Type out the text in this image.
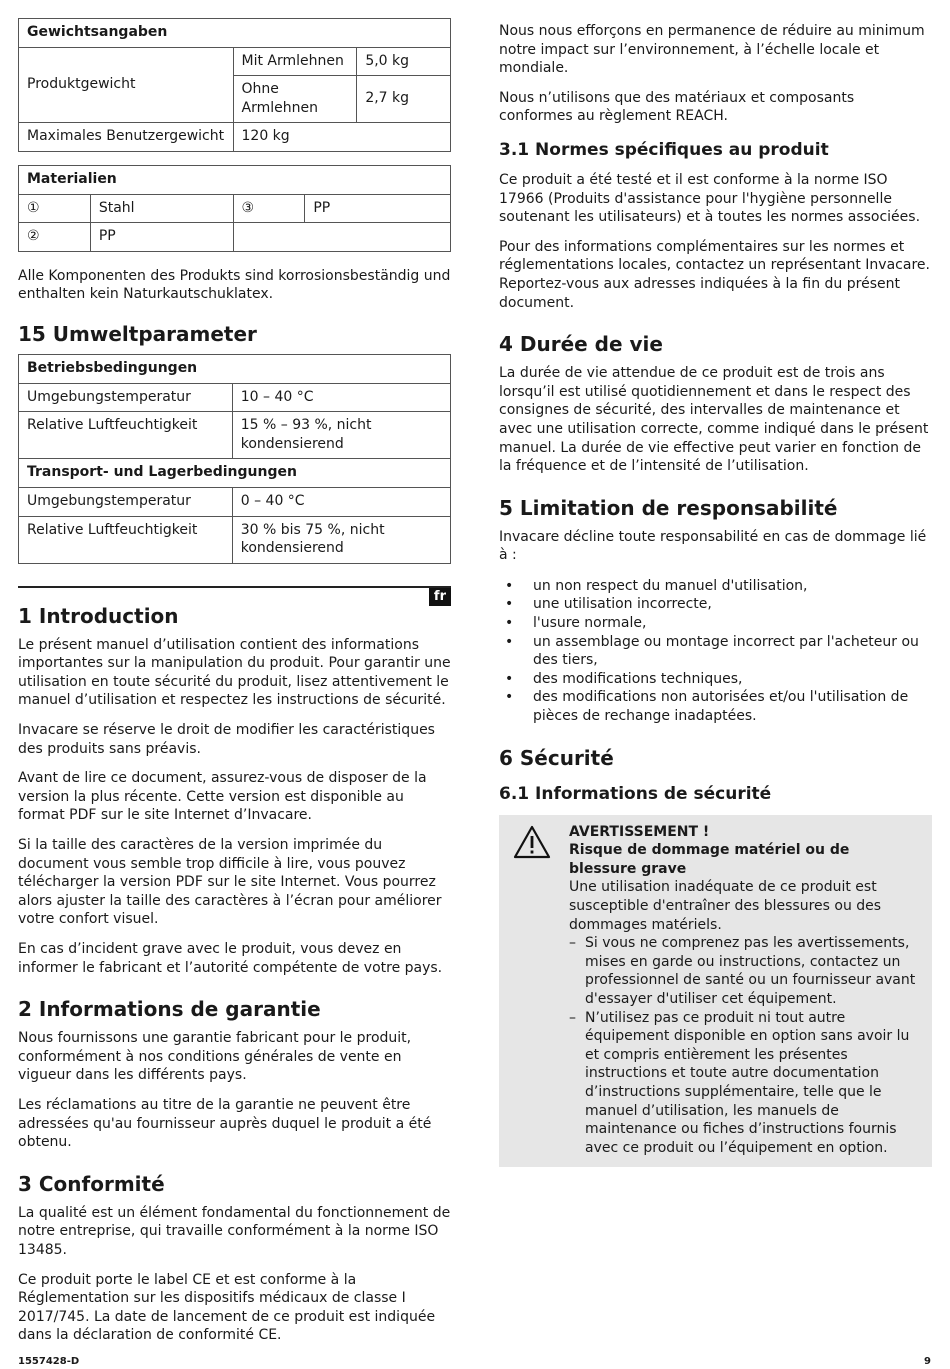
Gewichtsangaben		
Produktgewicht	Mit Armlehnen	5,0 kg
	Ohne Armlehnen	2,7 kg
Maximales Benutzergewicht	120 kg	
Materialien			
①	Stahl	③	PP
②	PP		

Alle Komponenten des Produkts sind korrosionsbeständig und enthalten kein Naturkautschuklatex.

15 Umweltparameter
Betriebsbedingungen	
Umgebungstemperatur	10 – 40 °C
Relative Luftfeuchtigkeit	15 % – 93 %, nicht kondensierend
Transport- und Lagerbedingungen	
Umgebungstemperatur	0 – 40 °C
Relative Luftfeuchtigkeit	30 % bis 75 %, nicht kondensierend
fr
1 Introduction

Le présent manuel d’utilisation contient des informations importantes sur la manipulation du produit. Pour garantir une utilisation en toute sécurité du produit, lisez attentivement le manuel d’utilisation et respectez les instructions de sécurité.

Invacare se réserve le droit de modifier les caractéristiques des produits sans préavis.

Avant de lire ce document, assurez-vous de disposer de la version la plus récente. Cette version est disponible au format PDF sur le site Internet d’Invacare.

Si la taille des caractères de la version imprimée du document vous semble trop difficile à lire, vous pouvez télécharger la version PDF sur le site Internet. Vous pourrez alors ajuster la taille des caractères à l’écran pour améliorer votre confort visuel.

En cas d’incident grave avec le produit, vous devez en informer le fabricant et l’autorité compétente de votre pays.

2 Informations de garantie

Nous fournissons une garantie fabricant pour le produit, conformément à nos conditions générales de vente en vigueur dans les différents pays.

Les réclamations au titre de la garantie ne peuvent être adressées qu'au fournisseur auprès duquel le produit a été obtenu.

3 Conformité

La qualité est un élément fondamental du fonctionnement de notre entreprise, qui travaille conformément à la norme ISO 13485.

Ce produit porte le label CE et est conforme à la Réglementation sur les dispositifs médicaux de classe I 2017/745. La date de lancement de ce produit est indiquée dans la déclaration de conformité CE.

Nous nous efforçons en permanence de réduire au minimum notre impact sur l’environnement, à l’échelle locale et mondiale.

Nous n’utilisons que des matériaux et composants conformes au règlement REACH.

3.1 Normes spécifiques au produit

Ce produit a été testé et il est conforme à la norme ISO 17966 (Produits d'assistance pour l'hygiène personnelle soutenant les utilisateurs) et à toutes les normes associées.

Pour des informations complémentaires sur les normes et réglementations locales, contactez un représentant Invacare. Reportez-vous aux adresses indiquées à la fin du présent document.

4 Durée de vie

La durée de vie attendue de ce produit est de trois ans lorsqu’il est utilisé quotidiennement et dans le respect des consignes de sécurité, des intervalles de maintenance et avec une utilisation correcte, comme indiqué dans le présent manuel. La durée de vie effective peut varier en fonction de la fréquence et de l’intensité de l’utilisation.

5 Limitation de responsabilité

Invacare décline toute responsabilité en cas de dommage lié à :

• un non respect du manuel d'utilisation,
• une utilisation incorrecte,
• l'usure normale,
• un assemblage ou montage incorrect par l'acheteur ou des tiers,
• des modifications techniques,
• des modifications non autorisées et/ou l'utilisation de pièces de rechange inadaptées.
6 Sécurité
6.1 Informations de sécurité
AVERTISSEMENT !
Risque de dommage matériel ou de blessure grave
Une utilisation inadéquate de ce produit est susceptible d'entraîner des blessures ou des dommages matériels.
– Si vous ne comprenez pas les avertissements, mises en garde ou instructions, contactez un professionnel de santé ou un fournisseur avant d'essayer d'utiliser cet équipement.
– N’utilisez pas ce produit ni tout autre équipement disponible en option sans avoir lu et compris entièrement les présentes instructions et toute autre documentation d’instructions supplémentaire, telle que le manuel d’utilisation, les manuels de maintenance ou fiches d’instructions fournis avec ce produit ou l’équipement en option.
1557428-D	9
